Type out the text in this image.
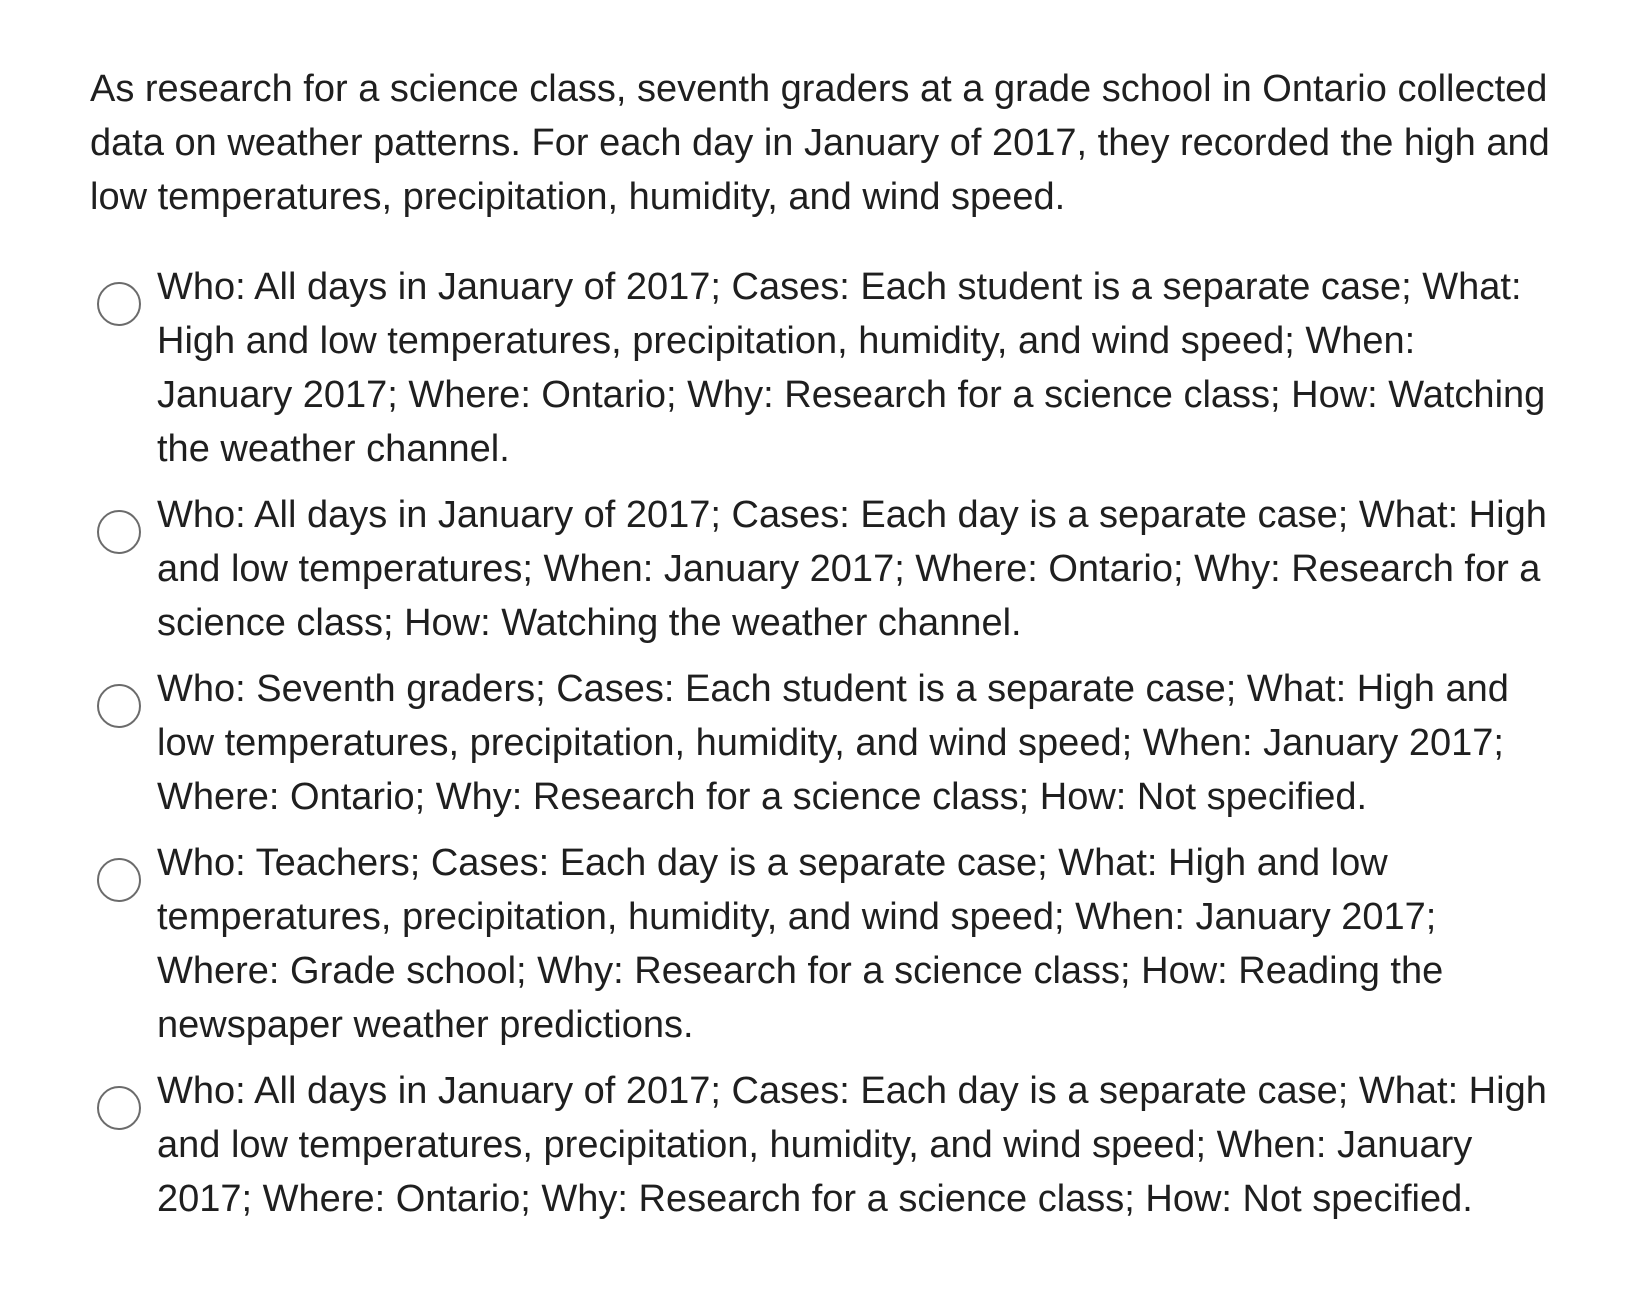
As research for a science class, seventh graders at a grade school in Ontario collected data on weather patterns. For each day in January of 2017, they recorded the high and low temperatures, precipitation, humidity, and wind speed.

Who: All days in January of 2017; Cases: Each student is a separate case; What: High and low temperatures, precipitation, humidity, and wind speed; When: January 2017; Where: Ontario; Why: Research for a science class; How: Watching the weather channel.
Who: All days in January of 2017; Cases: Each day is a separate case; What: High and low temperatures; When: January 2017; Where: Ontario; Why: Research for a science class; How: Watching the weather channel.
Who: Seventh graders; Cases: Each student is a separate case; What: High and low temperatures, precipitation, humidity, and wind speed; When: January 2017; Where: Ontario; Why: Research for a science class; How: Not specified.
Who: Teachers; Cases: Each day is a separate case; What: High and low temperatures, precipitation, humidity, and wind speed; When: January 2017; Where: Grade school; Why: Research for a science class; How: Reading the newspaper weather predictions.
Who: All days in January of 2017; Cases: Each day is a separate case; What: High and low temperatures, precipitation, humidity, and wind speed; When: January 2017; Where: Ontario; Why: Research for a science class; How: Not specified.
